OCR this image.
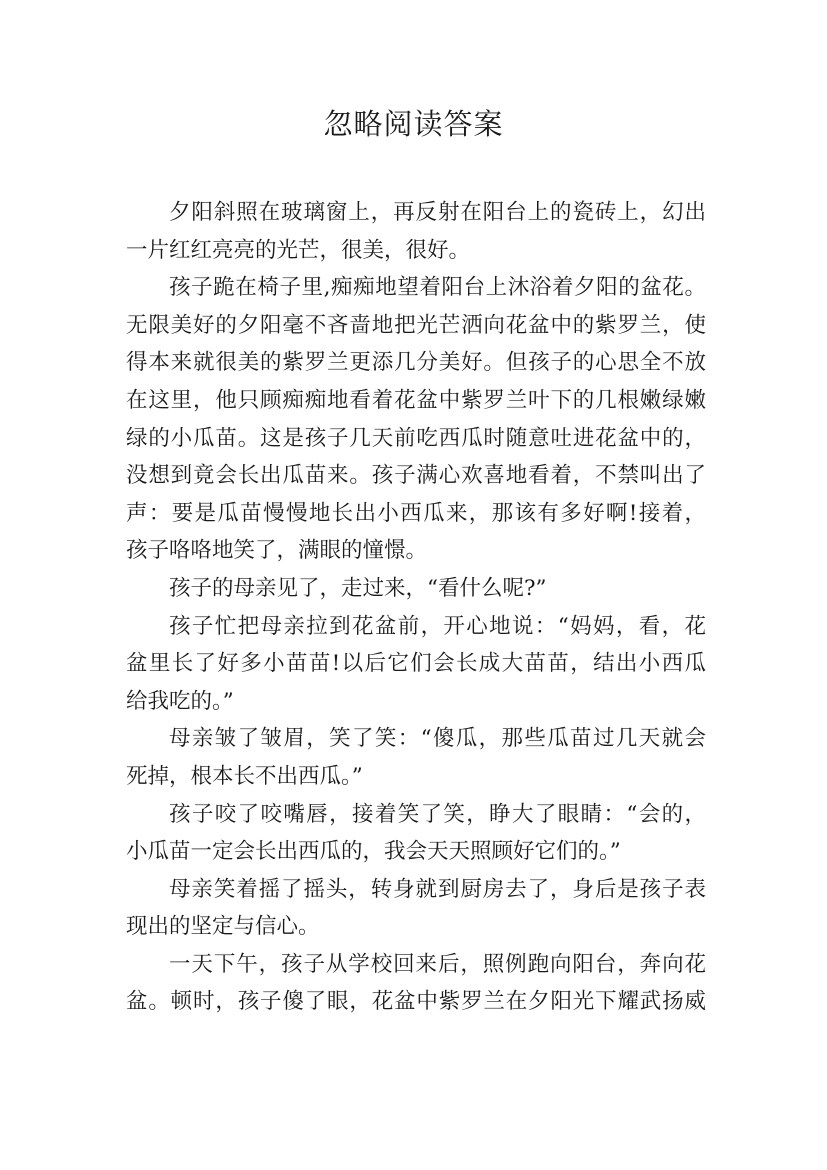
忽略阅读答案
夕阳斜照在玻璃窗上，再反射在阳台上的瓷砖上，幻出
一片红红亮亮的光芒，很美，很好。
孩子跪在椅子里,痴痴地望着阳台上沐浴着夕阳的盆花。
无限美好的夕阳毫不吝啬地把光芒洒向花盆中的紫罗兰，使
得本来就很美的紫罗兰更添几分美好。但孩子的心思全不放
在这里，他只顾痴痴地看着花盆中紫罗兰叶下的几根嫩绿嫩
绿的小瓜苗。这是孩子几天前吃西瓜时随意吐进花盆中的，
没想到竟会长出瓜苗来。孩子满心欢喜地看着，不禁叫出了
声：要是瓜苗慢慢地长出小西瓜来，那该有多好啊!接着，
孩子咯咯地笑了，满眼的憧憬。
孩子的母亲见了，走过来，“看什么呢?”
孩子忙把母亲拉到花盆前，开心地说：“妈妈，看，花
盆里长了好多小苗苗!以后它们会长成大苗苗，结出小西瓜
给我吃的。”
母亲皱了皱眉，笑了笑：“傻瓜，那些瓜苗过几天就会
死掉，根本长不出西瓜。”
孩子咬了咬嘴唇，接着笑了笑，睁大了眼睛：“会的，
小瓜苗一定会长出西瓜的，我会天天照顾好它们的。”
母亲笑着摇了摇头，转身就到厨房去了，身后是孩子表
现出的坚定与信心。
一天下午，孩子从学校回来后，照例跑向阳台，奔向花
盆。顿时，孩子傻了眼，花盆中紫罗兰在夕阳光下耀武扬威
